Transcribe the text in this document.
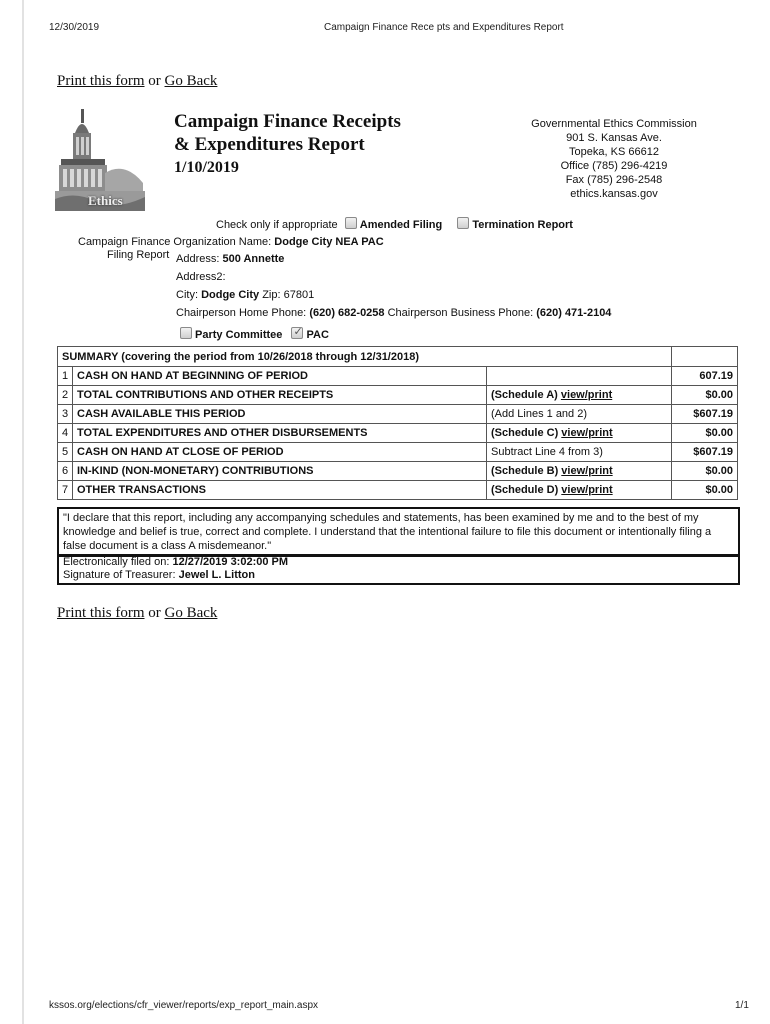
12/30/2019	Campaign Finance Rece pts and Expenditures Report
Print this form or Go Back
Ethics
Campaign Finance Receipts
& Expenditures Report
1/10/2019
Governmental Ethics Commission
901 S. Kansas Ave.
Topeka, KS 66612
Office (785) 296-4219
Fax (785) 296-2548
ethics.kansas.gov
Check only if appropriate Amended Filing	Termination Report
Campaign Finance Organization Name: Dodge City NEA PAC
Filing Report Address: 500 Annette
Address2:
City: Dodge City Zip: 67801
Chairperson Home Phone: (620) 682-0258 Chairperson Business Phone: (620) 471-2104
Party Committee ✓ PAC
SUMMARY (covering the period from 10/26/2018 through 12/31/2018)			
1	CASH ON HAND AT BEGINNING OF PERIOD		607.19
2	TOTAL CONTRIBUTIONS AND OTHER RECEIPTS	(Schedule A) view/print	$0.00
3	CASH AVAILABLE THIS PERIOD	(Add Lines 1 and 2)	$607.19
4	TOTAL EXPENDITURES AND OTHER DISBURSEMENTS	(Schedule C) view/print	$0.00
5	CASH ON HAND AT CLOSE OF PERIOD	Subtract Line 4 from 3)	$607.19
6	IN-KIND (NON-MONETARY) CONTRIBUTIONS	(Schedule B) view/print	$0.00
7	OTHER TRANSACTIONS	(Schedule D) view/print	$0.00
"I declare that this report, including any accompanying schedules and statements, has been examined by me and to the best of my knowledge and belief is true, correct and complete. I understand that the intentional failure to file this document or intentionally filing a false document is a class A misdemeanor."
Electronically filed on: 12/27/2019 3:02:00 PM
Signature of Treasurer: Jewel L. Litton
Print this form or Go Back
kssos.org/elections/cfr_viewer/reports/exp_report_main.aspx	1/1
